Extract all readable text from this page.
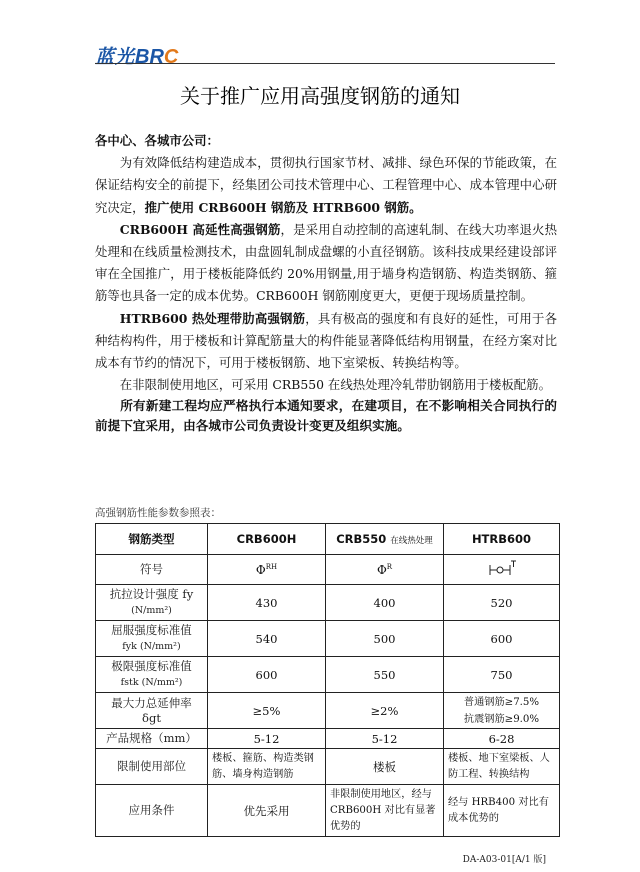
蓝光BRC
关于推广应用高强度钢筋的通知

各中心、各城市公司：

为有效降低结构建造成本，贯彻执行国家节材、减排、绿色环保的节能政策，在保证结构安全的前提下，经集团公司技术管理中心、工程管理中心、成本管理中心研究决定，推广使用 CRB600H 钢筋及 HTRB600 钢筋。

CRB600H 高延性高强钢筋，是采用自动控制的高速轧制、在线大功率退火热处理和在线质量检测技术，由盘圆轧制成盘螺的小直径钢筋。该科技成果经建设部评审在全国推广，用于楼板能降低约 20%用钢量,用于墙身构造钢筋、构造类钢筋、箍筋等也具备一定的成本优势。CRB600H 钢筋刚度更大，更便于现场质量控制。

HTRB600 热处理带肋高强钢筋，具有极高的强度和有良好的延性，可用于各种结构构件，用于楼板和计算配筋量大的构件能显著降低结构用钢量，在经方案对比成本有节约的情况下，可用于楼板钢筋、地下室梁板、转换结构等。

在非限制使用地区，可采用 CRB550 在线热处理冷轧带肋钢筋用于楼板配筋。

所有新建工程均应严格执行本通知要求，在建项目，在不影响相关合同执行的前提下宜采用，由各城市公司负责设计变更及组织实施。

高强钢筋性能参数参照表：
钢筋类型	CRB600H	CRB550 在线热处理	HTRB600
符号	$\Phi^{RH}$	$\Phi^R$	
抗拉设计强度 fy
(N/mm²)	430	400	520
屈服强度标准值
fyk (N/mm²)	540	500	600
极限强度标准值
fstk (N/mm²)	600	550	750
最大力总延伸率
δgt	≥5%	≥2%	普通钢筋≥7.5%
抗震钢筋≥9.0%
产品规格（mm）	5-12	5-12	6-28
限制使用部位	楼板、箍筋、构造类钢筋、墙身构造钢筋	楼板	楼板、地下室梁板、人防工程、转换结构
应用条件	优先采用	非限制使用地区，经与 CRB600H 对比有显著优势的	经与 HRB400 对比有成本优势的
DA-A03-01[A/1 版]
